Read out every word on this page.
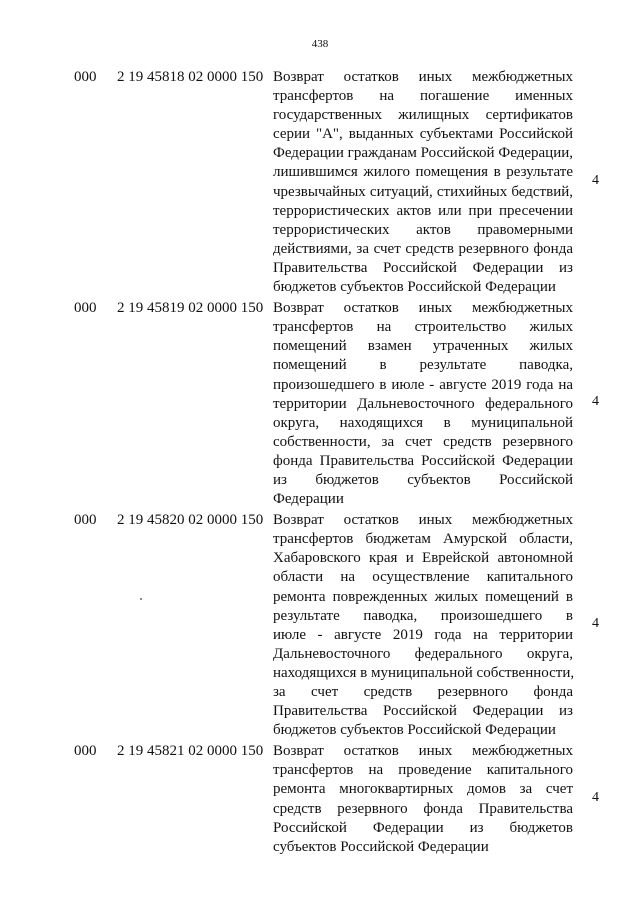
438
000 2 19 45818 02 0000 150 Возврат остатков иных межбюджетных
трансфертов на погашение именных
государственных жилищных сертификатов
серии "А", выданных субъектами Российской
Федерации гражданам Российской Федерации,
лишившимся жилого помещения в результате
чрезвычайных ситуаций, стихийных бедствий,
террористических актов или при пресечении
террористических актов правомерными
действиями, за счет средств резервного фонда
Правительства Российской Федерации из
бюджетов субъектов Российской Федерации
4
000 2 19 45819 02 0000 150 Возврат остатков иных межбюджетных
трансфертов на строительство жилых
помещений взамен утраченных жилых
помещений в результате паводка,
произошедшего в июле - августе 2019 года на
территории Дальневосточного федерального
округа, находящихся в муниципальной
собственности, за счет средств резервного
фонда Правительства Российской Федерации
из бюджетов субъектов Российской
Федерации
4
000 2 19 45820 02 0000 150 Возврат остатков иных межбюджетных
трансфертов бюджетам Амурской области,
Хабаровского края и Еврейской автономной
области на осуществление капитального
ремонта поврежденных жилых помещений в
результате паводка, произошедшего в
июле - августе 2019 года на территории
Дальневосточного федерального округа,
находящихся в муниципальной собственности,
за счет средств резервного фонда
Правительства Российской Федерации из
бюджетов субъектов Российской Федерации
4
000 2 19 45821 02 0000 150 Возврат остатков иных межбюджетных
трансфертов на проведение капитального
ремонта многоквартирных домов за счет
средств резервного фонда Правительства
Российской Федерации из бюджетов
субъектов Российской Федерации
4
